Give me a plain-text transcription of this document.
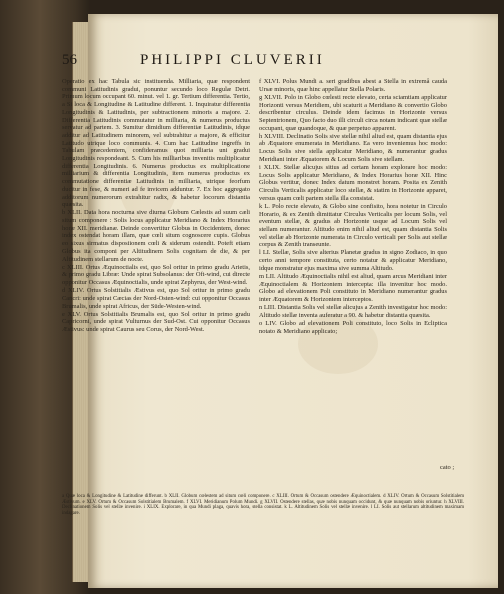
56	PHILIPPI CLUVERII

Operatio ex hac Tabula sic instituenda. Milliaria, quæ respondent communi Latitudinis gradui, ponuntur secundo loco Regulæ Detri. Primum locum occupant 60. minut. vel 1. gr. Tertium differentia. Tertio, a Si loca & Longitudine & Latitudine different. 1. Inquiratur differentia Longitudinis & Latitudinis, per subtractionem minoris a majore. 2. Differentia Latitudinis commutatur in milliaria, & numerus productus servatur ad partem. 3. Sumitur dimidium differentiæ Latitudinis, idque additur ad Latitudinem minorem, vel subtrahitur a majore, & efficitur Latitudo utrique loco communis. 4. Cum hac Latitudine ingreffs in Tabulam præcedentem, confideramus quot milliaria uni gradui Longitudinis respondeant. 5. Cum his milliaribus invenitis multiplicatur differentia Longitudinis. 6. Numerus productus ex multiplicatione milliarium & differentia Longitudinis, item numerus productus ex commutatione differentiæ Latitudinis in milliaria, utrique feorfum ducitur in fese, & numeri ad fe invicem adduntur. 7. Ex hoc aggregato additorum numerorum extrahitur radix, & habetur locorum distantia quæsita.

b XLII. Data hora nocturna sive diurna Globum Cælestis ad suum cæli situm componere : Solis locus applicatur Meridiano & Index Horarius horæ XII. meridianæ. Deinde convertitur Globus in Occidentem, donec index ostendat horam illam, quæ cœli situm cognoscere cupis. Globus eo sixus sirmatus disposiionem cœli & siderum ostendit. Poteft etiam Globus ita componi per Altitudinem Solis cognitam de die, & per Altitudinem stellarum de nocte.

c XLIII. Ortus Æquinoctialis est, quo Sol oritur in primo gradu Arietis, & primo gradu Libræ: Unde spirat Subsolanus: der Oft-wind, cui directe opponitur Occasus Æquinoctialis, unde spirat Zephyrus, der West-wind.

d XLIV. Ortus Solstitialis Æstivus est, quo Sol oritur in primo gradu Cancri: unde spirat Cæcias der Nord-Osten-wind: cui opponitur Occasus Brumalis, unde spirat Africus, der Süde-Westen-wind.

e XLV. Ortus Solstitialis Brumalis est, quo Sol oritur in primo gradu Capricorni, unde spirat Vulturnus der Sud-Ost. Cui opponitur Occasus Æstivus: unde spirat Caurus seu Corus, der Nord-West.

f XLVI. Polus Mundi a. seri gradibus abest a Stella in extremâ cauda Ursæ minoris, quæ hinc appellatur Stella Polaris.

g XLVII. Polo in Globo cœlesti recte elevato, certa sciamtiam applicatur Horizonti versus Meridiem, ubi scaturit a Meridiano & convertio Globo describentur circulus. Deinde idem facimus in Horizonte versus Septentrionem, Quo facto duo illi circuli circa notam indicant quæ stellæ occupant, quæ quandoque, & quæ perpetuo apparent.

h XLVIII. Declinatio Solis sive stellæ nihil aliud est, quam distantia ejus ab Æquatore enumerata in Meridiano. Ea vero inveniemus hoc modo: Locus Solis sive stella applicatur Meridiano, & numerantur gradus Meridiani inter Æquatorem & Locum Solis sive stellam.

i XLIX. Stellæ alicujus sitius ad certam horam explorare hoc modo: Locus Solis applicatur Meridiano, & Index Horarius horæ XII. Hinc Globus vertitur, donec Index datum monstret horam. Posita ex Zenith Circulis Verticalis applicatur loco stellæ, & statim in Horizonte apparet, versus quam cœli partem stella illa consistat.

k L. Polo recte elevato, & Globo sine confisito, hora notetur in Circulo Horario, & ex Zenith dimittatur Circulus Verticalis per locum Solis, vel eventum stellæ, & gradus ab Horizonte usque ad Locum Solis vel stellam numerantur. Altitudo enim nihil aliud est, quam distantia Solis vel stellæ ab Horizonte numerata in Circulo verticali per Solis aut stellæ corpus & Zenith transeunte.

l LI. Stellæ, Solis sive alterius Planetæ gradus in signo Zodiaco, in quo certo anni tempore constituta, certo notatur & applicatur Meridiano, idque monstratur ejus maxima sive summa Altitudo.

m LII. Altitudo Æquinoctialis nihil est aliud, quam arcus Meridiani inter Æquinoctialem & Horizontem intercepta: illa invenitur hoc modo. Globo ad elevationem Poli constituto in Meridiano numerantur gradus inter Æquatorem & Horizontem interceptos.

n LIII. Distantia Solis vel stellæ alicujus a Zenith investigatur hoc modo: Altitudo stellæ inventa auferatur a 90. & habetur distantia quæsita.

o LIV. Globo ad elevationem Poli constituto, loco Solis in Ecliptica notato & Meridiano applicato;

cato ;
a Quæ loca & Longitudine & Latitudine differunt. b XLII. Globum cœlestem ad situm cœli componere. c XLIII. Ortum & Occasum ostendere Æquinoctialem. d XLIV. Ortum & Occasum Solstitialem Æstivum. e XLV. Ortum & Occasum Solstitialem Brumalem. f XLVI. Meridianum Polum Mundi. g XLVII. Ostendere stellas, quæ nobis nunquam occidunt, & quæ nunquam nobis oriuntur. h XLVIII. Declinationem Solis vel stellæ invenire. i XLIX. Explorare, in qua Mundi plaga, quavis hora, stella consistat. k L. Altitudinem Solis vel stellæ invenire. l LI. Solis aut stellarum altitudinem maximam indagare.
